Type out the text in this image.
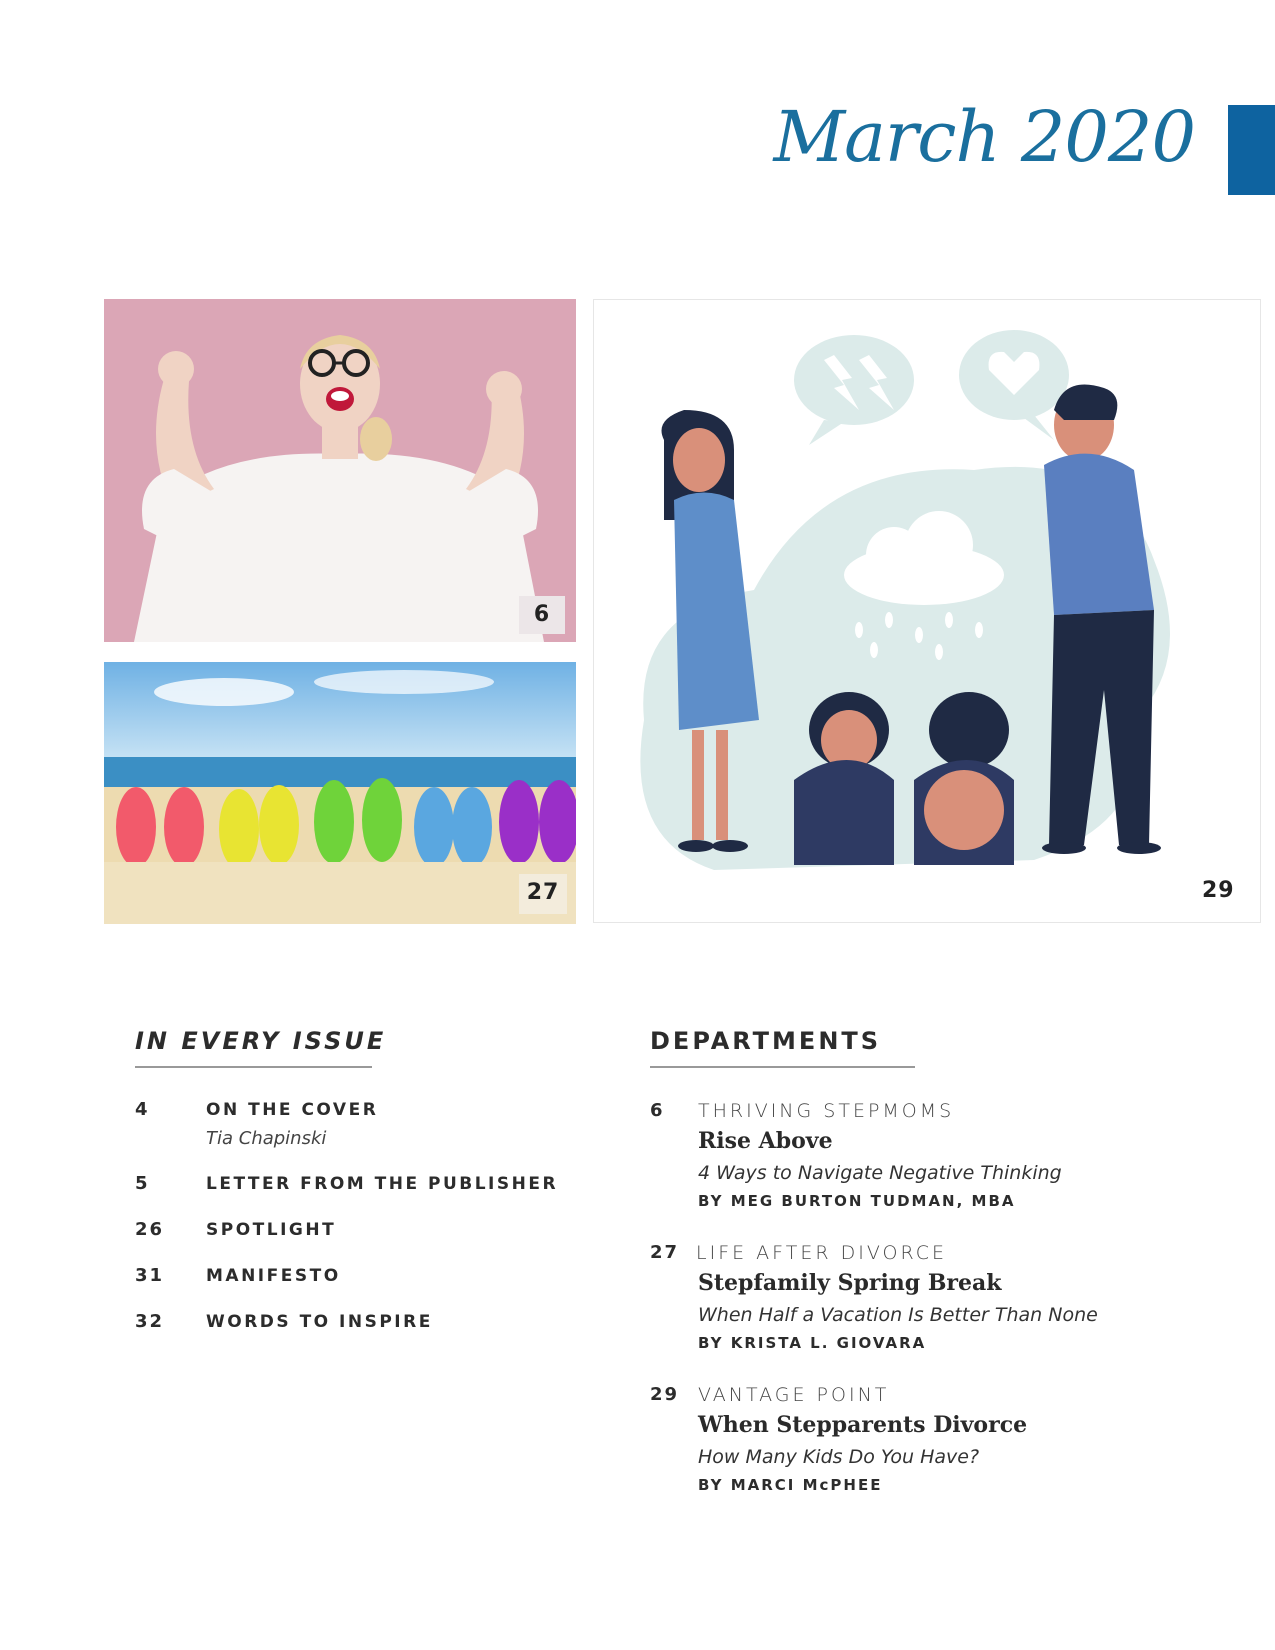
March 2020
6
27	29
IN EVERY ISSUE
4	ON THE COVER
Tia Chapinski
5	LETTER FROM THE PUBLISHER
26 SPOTLIGHT
31 MANIFESTO
32 WORDS TO INSPIRE
DEPARTMENTS
6 THRIVING STEPMOMS
Rise Above
4 Ways to Navigate Negative Thinking
BY MEG BURTON TUDMAN, MBA
27 LIFE AFTER DIVORCE
Stepfamily Spring Break
When Half a Vacation Is Better Than None
BY KRISTA L. GIOVARA
29 VANTAGE POINT
When Stepparents Divorce
How Many Kids Do You Have?
BY MARCI McPHEE
